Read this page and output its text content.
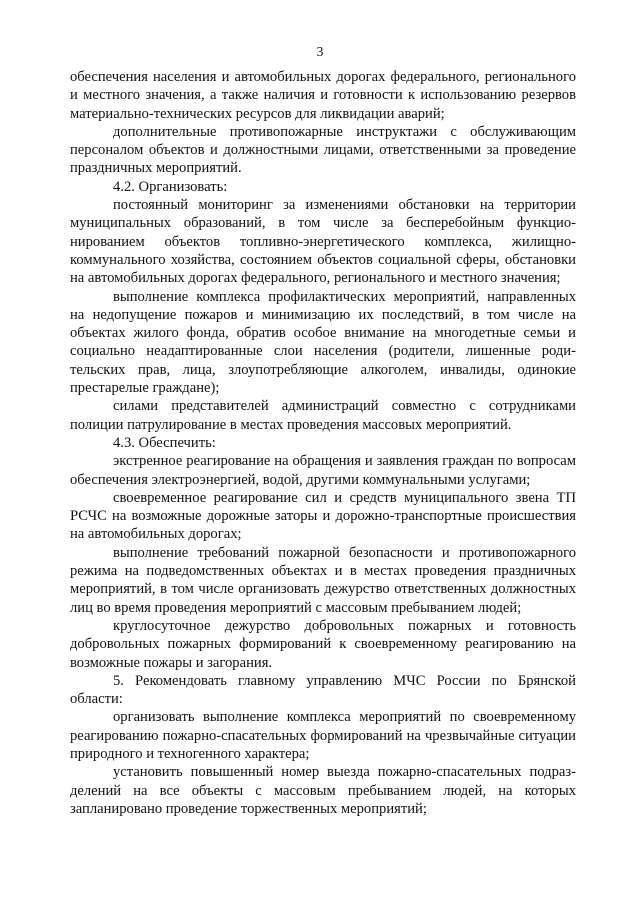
3

обеспечения населения и автомобильных дорогах федерального, регионального и местного значения, а также наличия и готовности к использованию резервов материально-технических ресурсов для ликвидации аварий;

дополнительные противопожарные инструктажи с обслуживающим персоналом объектов и должностными лицами, ответственными за проведение праздничных мероприятий.

4.2. Организовать:

постоянный мониторинг за изменениями обстановки на территории муниципальных образований, в том числе за бесперебойным функционированием объектов топливно-энергетического комплекса, жилищно-коммунального хозяйства, состоянием объектов социальной сферы, обстановки на автомобильных дорогах федерального, регионального и местного значения;

выполнение комплекса профилактических мероприятий, направленных на недопущение пожаров и минимизацию их последствий, в том числе на объектах жилого фонда, обратив особое внимание на многодетные семьи и социально неадаптированные слои населения (родители, лишенные родительских прав, лица, злоупотребляющие алкоголем, инвалиды, одинокие престарелые граждане);

силами представителей администраций совместно с сотрудниками полиции патрулирование в местах проведения массовых мероприятий.

4.3. Обеспечить:

экстренное реагирование на обращения и заявления граждан по вопросам обеспечения электроэнергией, водой, другими коммунальными услугами;

своевременное реагирование сил и средств муниципального звена ТП РСЧС на возможные дорожные заторы и дорожно-транспортные происшествия на автомобильных дорогах;

выполнение требований пожарной безопасности и противопожарного режима на подведомственных объектах и в местах проведения праздничных мероприятий, в том числе организовать дежурство ответственных должностных лиц во время проведения мероприятий с массовым пребыванием людей;

круглосуточное дежурство добровольных пожарных и готовность добровольных пожарных формирований к своевременному реагированию на возможные пожары и загорания.

5. Рекомендовать главному управлению МЧС России по Брянской области:

организовать выполнение комплекса мероприятий по своевременному реагированию пожарно-спасательных формирований на чрезвычайные ситуации природного и техногенного характера;

установить повышенный номер выезда пожарно-спасательных подразделений на все объекты с массовым пребыванием людей, на которых запланировано проведение торжественных мероприятий;
